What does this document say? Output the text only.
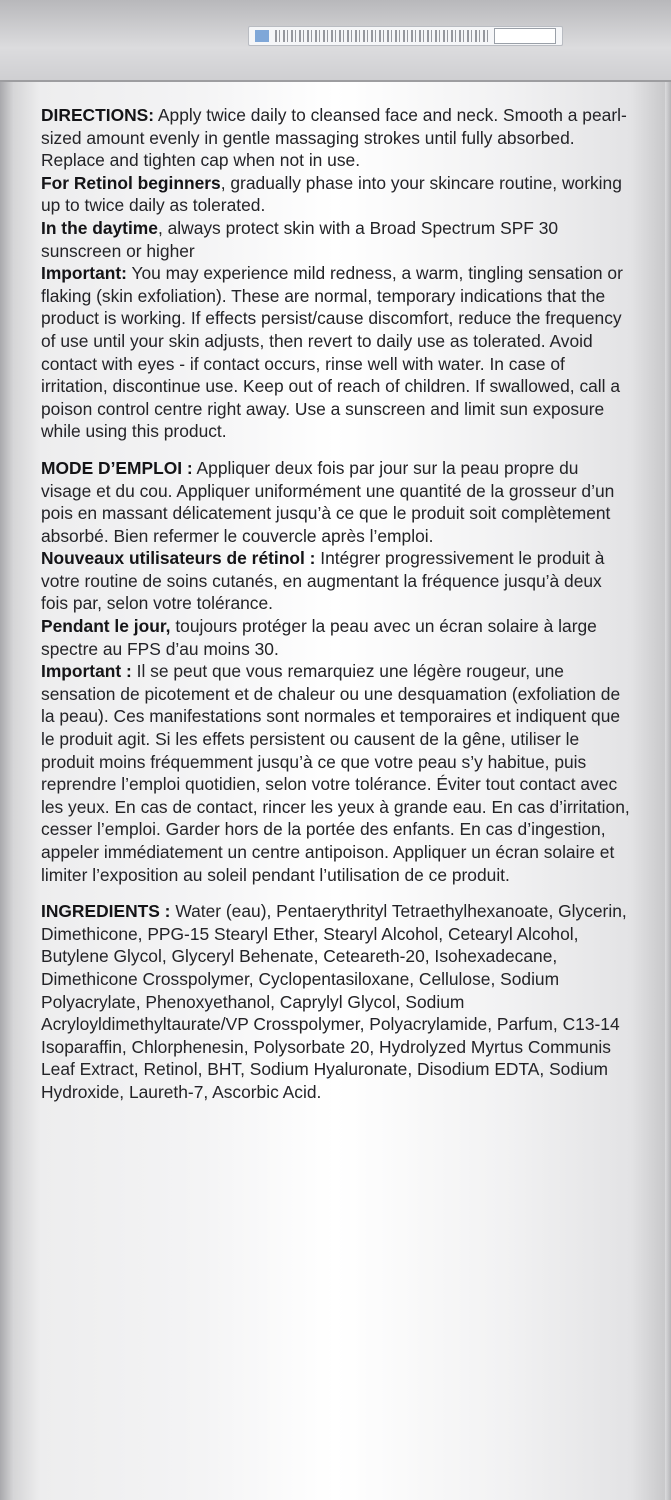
DIRECTIONS: Apply twice daily to cleansed face and neck. Smooth a pearl-sized amount evenly in gentle massaging strokes until fully absorbed. Replace and tighten cap when not in use.

For Retinol beginners, gradually phase into your skincare routine, working up to twice daily as tolerated.

In the daytime, always protect skin with a Broad Spectrum SPF 30 sunscreen or higher

Important: You may experience mild redness, a warm, tingling sensation or flaking (skin exfoliation). These are normal, temporary indications that the product is working. If effects persist/cause discomfort, reduce the frequency of use until your skin adjusts, then revert to daily use as tolerated. Avoid contact with eyes - if contact occurs, rinse well with water. In case of irritation, discontinue use. Keep out of reach of children. If swallowed, call a poison control centre right away. Use a sunscreen and limit sun exposure while using this product.

MODE D’EMPLOI : Appliquer deux fois par jour sur la peau propre du visage et du cou. Appliquer uniformément une quantité de la grosseur d’un pois en massant délicatement jusqu’à ce que le produit soit complètement absorbé. Bien refermer le couvercle après l’emploi.

Nouveaux utilisateurs de rétinol : Intégrer progressivement le produit à votre routine de soins cutanés, en augmentant la fréquence jusqu’à deux fois par, selon votre tolérance.

Pendant le jour, toujours protéger la peau avec un écran solaire à large spectre au FPS d’au moins 30.

Important : Il se peut que vous remarquiez une légère rougeur, une sensation de picotement et de chaleur ou une desquamation (exfoliation de la peau). Ces manifestations sont normales et temporaires et indiquent que le produit agit. Si les effets persistent ou causent de la gêne, utiliser le produit moins fréquemment jusqu’à ce que votre peau s’y habitue, puis reprendre l’emploi quotidien, selon votre tolérance. Éviter tout contact avec les yeux. En cas de contact, rincer les yeux à grande eau. En cas d’irritation, cesser l’emploi. Garder hors de la portée des enfants. En cas d’ingestion, appeler immédiatement un centre antipoison. Appliquer un écran solaire et limiter l’exposition au soleil pendant l’utilisation de ce produit.

INGREDIENTS : Water (eau), Pentaerythrityl Tetraethylhexanoate, Glycerin, Dimethicone, PPG-15 Stearyl Ether, Stearyl Alcohol, Cetearyl Alcohol, Butylene Glycol, Glyceryl Behenate, Ceteareth-20, Isohexadecane, Dimethicone Crosspolymer, Cyclopentasiloxane, Cellulose, Sodium Polyacrylate, Phenoxyethanol, Caprylyl Glycol, Sodium Acryloyldimethyltaurate/VP Crosspolymer, Polyacrylamide, Parfum, C13-14 Isoparaffin, Chlorphenesin, Polysorbate 20, Hydrolyzed Myrtus Communis Leaf Extract, Retinol, BHT, Sodium Hyaluronate, Disodium EDTA, Sodium Hydroxide, Laureth-7, Ascorbic Acid.
